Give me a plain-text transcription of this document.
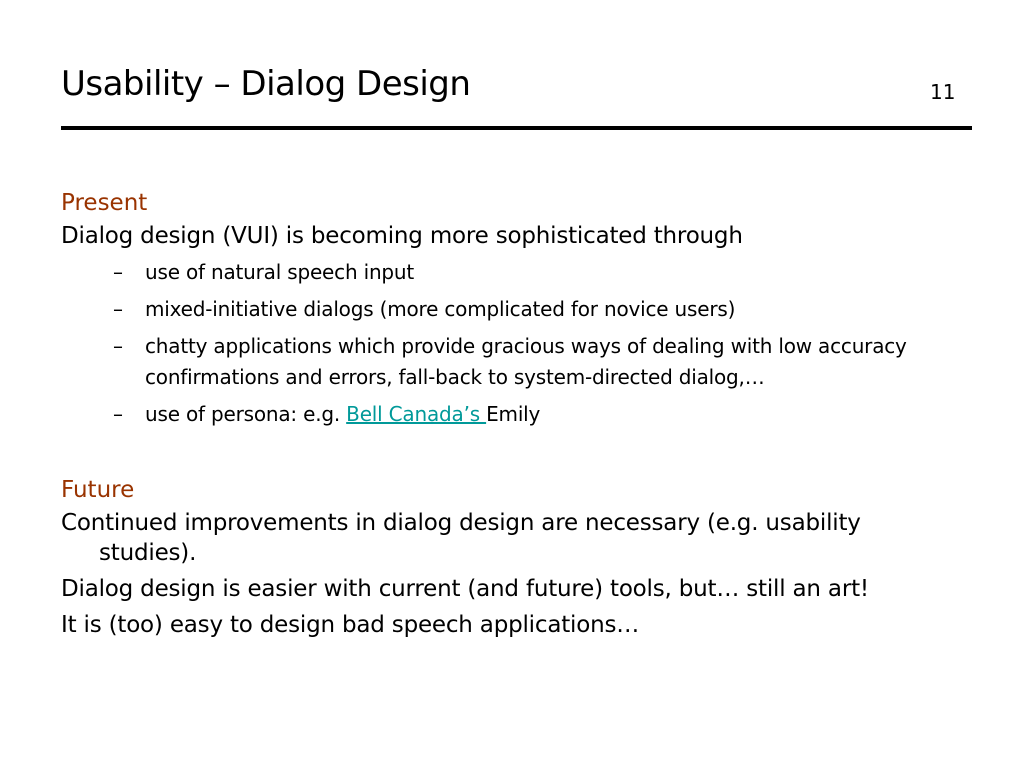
Usability – Dialog Design	11
Present
Dialog design (VUI) is becoming more sophisticated through
– use of natural speech input
– mixed-initiative dialogs (more complicated for novice users)
– chatty applications which provide gracious ways of dealing with low accuracy confirmations and errors, fall-back to system-directed dialog,…
– use of persona: e.g. Bell Canada’s Emily
Future
Continued improvements in dialog design are necessary (e.g. usability studies).
Dialog design is easier with current (and future) tools, but… still an art!
It is (too) easy to design bad speech applications…
